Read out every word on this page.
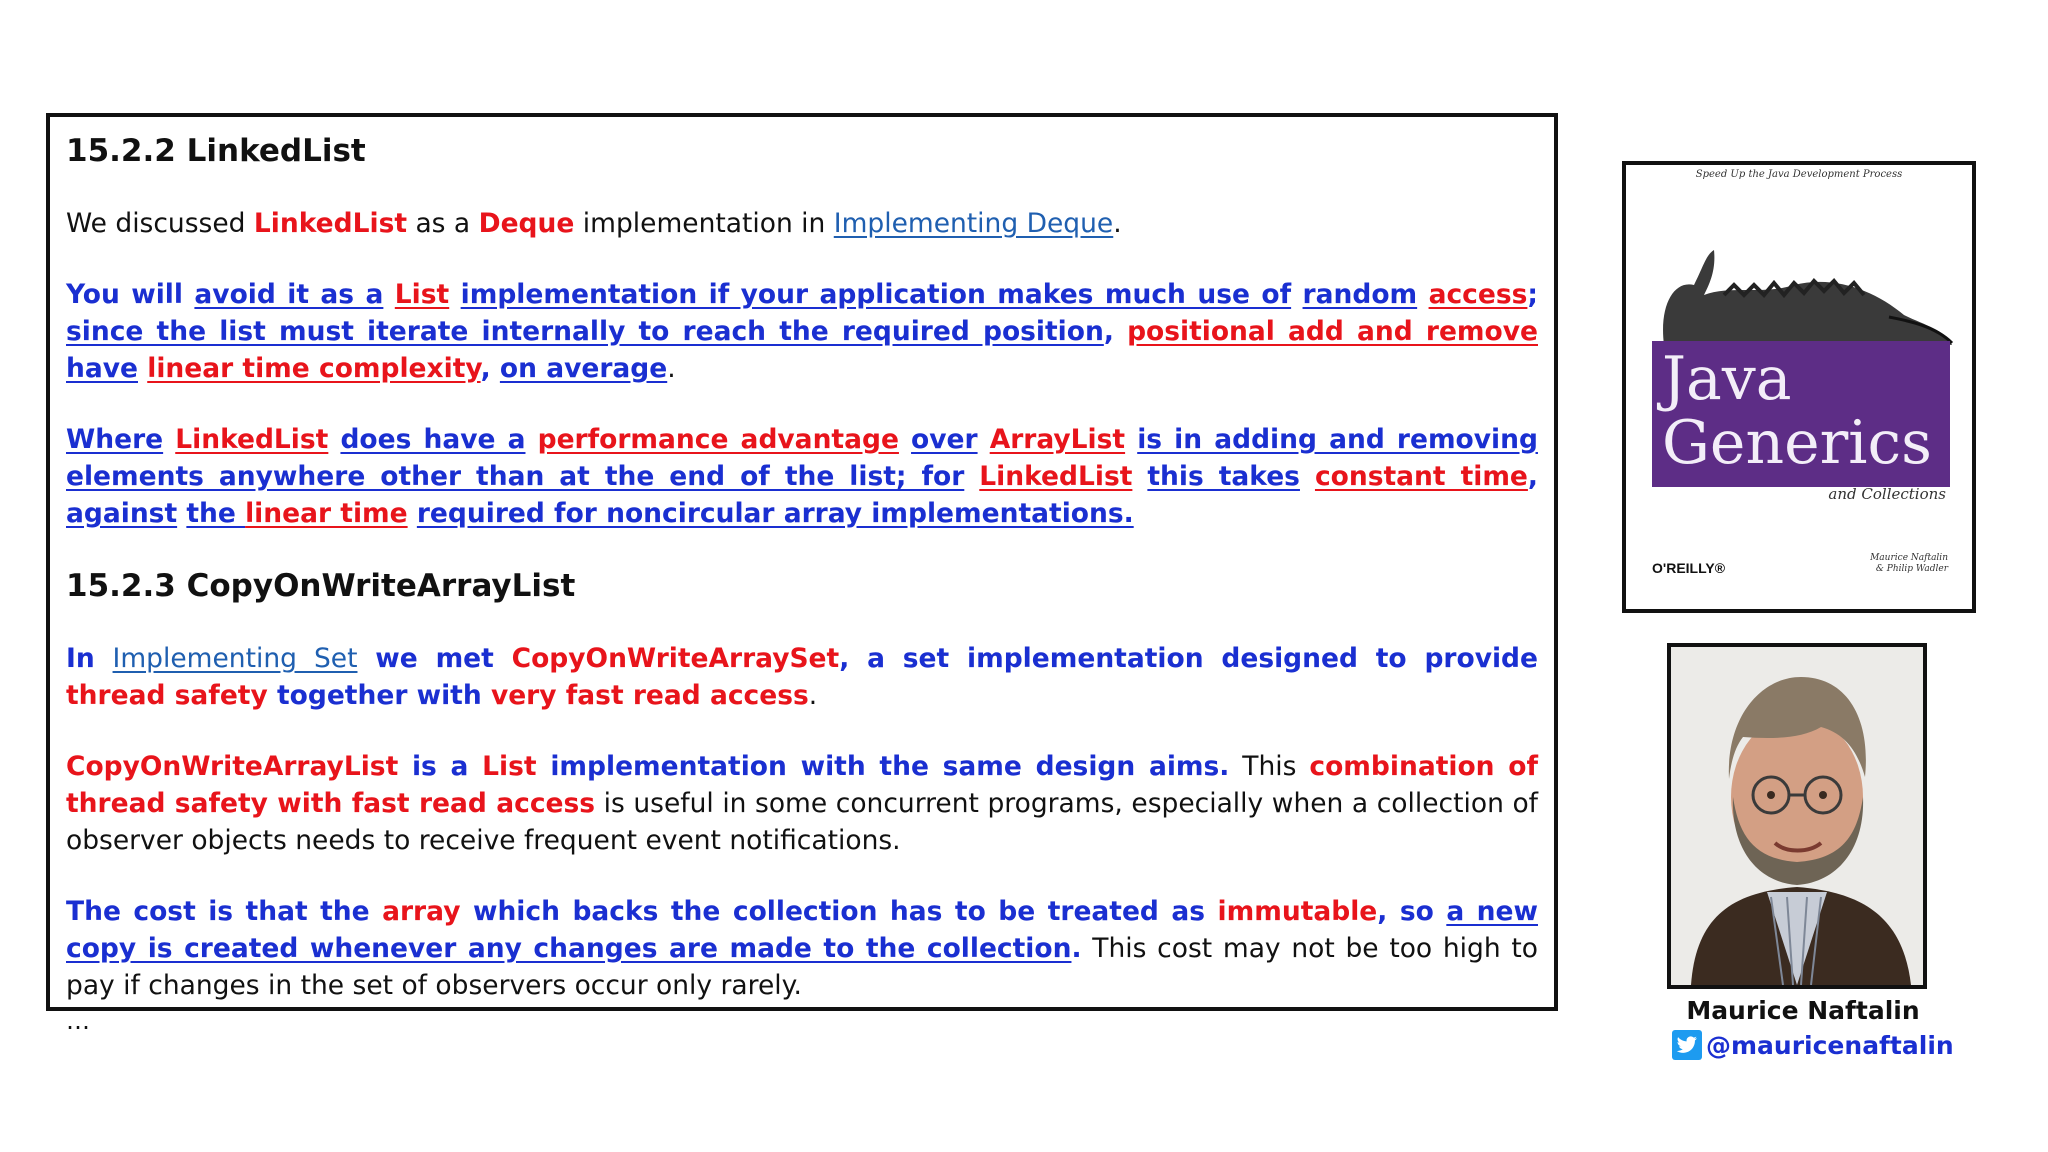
15.2.2 LinkedList

We discussed LinkedList as a Deque implementation in Implementing Deque.

You will avoid it as a List implementation if your application makes much use of random access; since the list must iterate internally to reach the required position, positional add and remove have linear time complexity, on average.

Where LinkedList does have a performance advantage over ArrayList is in adding and removing elements anywhere other than at the end of the list; for LinkedList this takes constant time, against the linear time required for noncircular array implementations.

15.2.3 CopyOnWriteArrayList

In Implementing Set we met CopyOnWriteArraySet, a set implementation designed to provide thread safety together with very fast read access.

CopyOnWriteArrayList is a List implementation with the same design aims. This combination of thread safety with fast read access is useful in some concurrent programs, especially when a collection of observer objects needs to receive frequent event notifications.

The cost is that the array which backs the collection has to be treated as immutable, so a new copy is created whenever any changes are made to the collection. This cost may not be too high to pay if changes in the set of observers occur only rarely.

…
Speed Up the Java Development Process
Java
Generics
and Collections
O'REILLY®
Maurice Naftalin
& Philip Wadler
Maurice Naftalin
@mauricenaftalin
